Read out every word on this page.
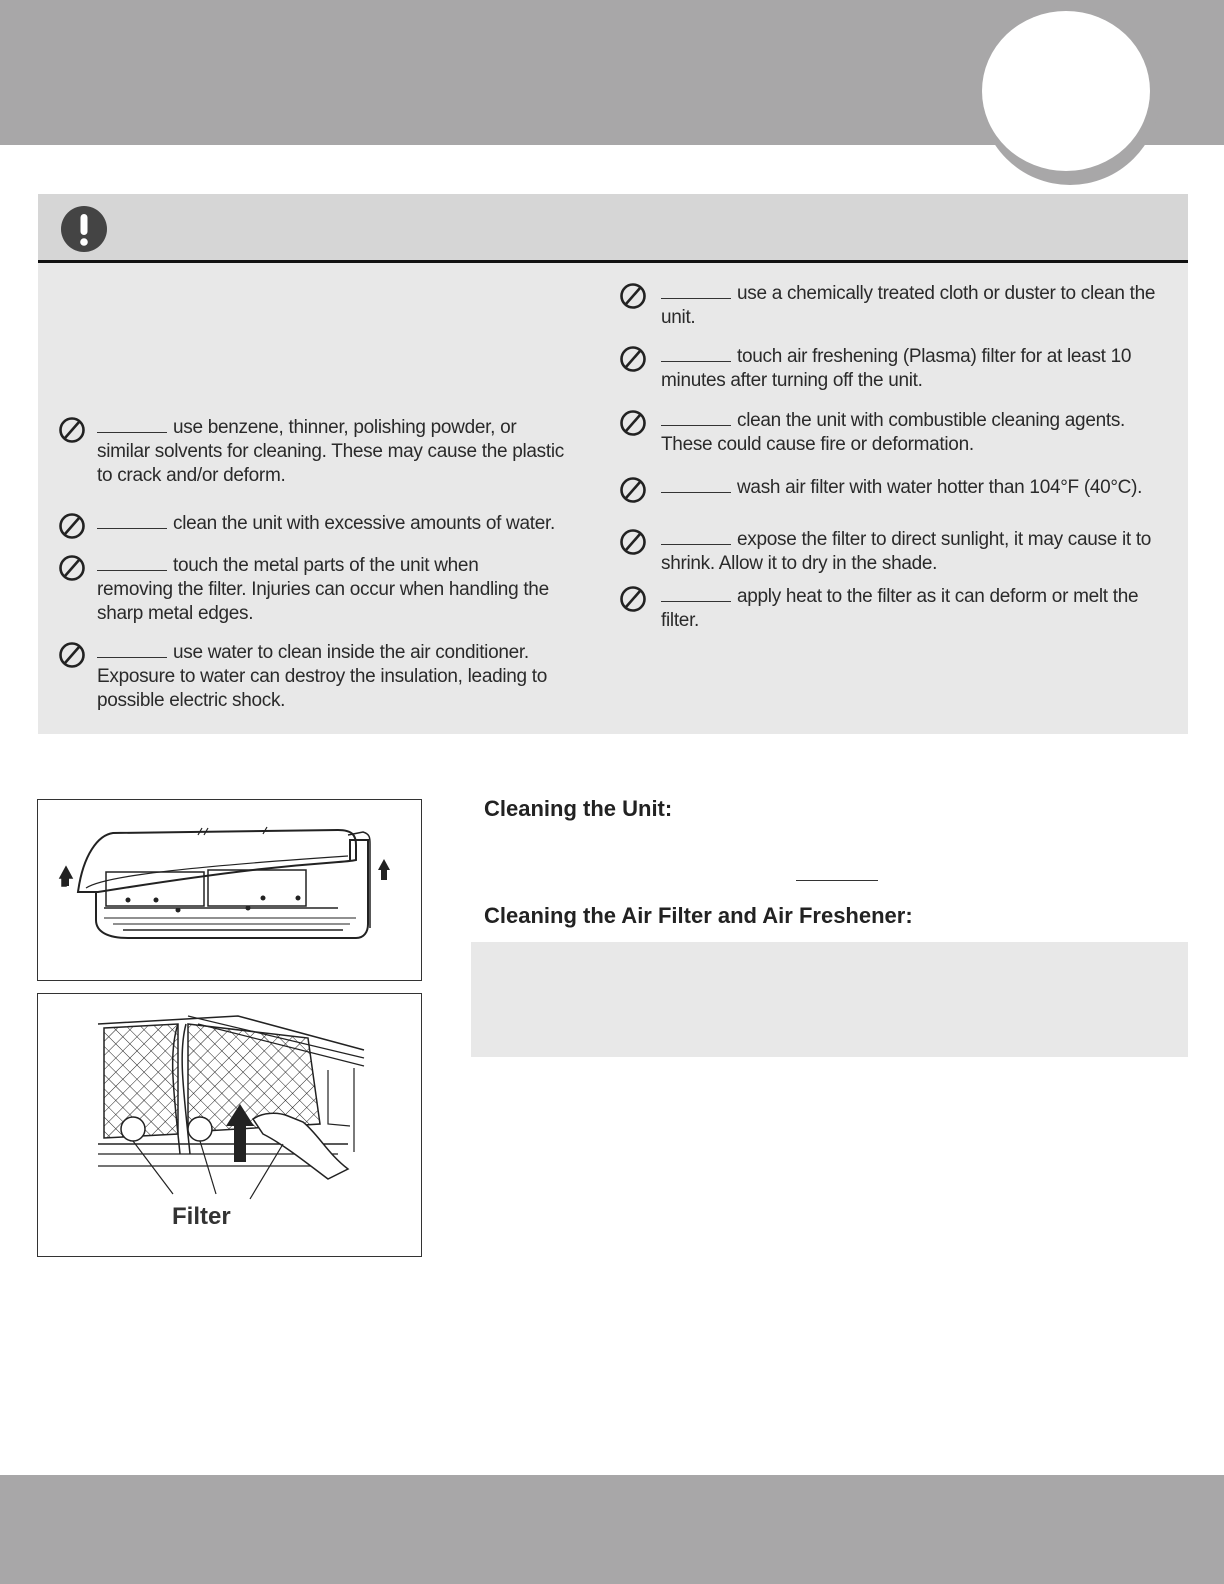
use benzene, thinner, polishing powder, or similar solvents for cleaning. These may cause the plastic to crack and/or deform.
clean the unit with excessive amounts of water.
touch the metal parts of the unit when removing the filter. Injuries can occur when handling the sharp metal edges.
use water to clean inside the air conditioner. Exposure to water can destroy the insulation, leading to possible electric shock.
use a chemically treated cloth or duster to clean the unit.
touch air freshening (Plasma) filter for at least 10 minutes after turning off the unit.
clean the unit with combustible cleaning agents. These could cause fire or deformation.
wash air filter with water hotter than 104°F (40°C).
expose the filter to direct sunlight, it may cause it to shrink. Allow it to dry in the shade.
apply heat to the filter as it can deform or melt the filter.
Filter
Cleaning the Unit:
Cleaning the Air Filter and Air Freshener:
